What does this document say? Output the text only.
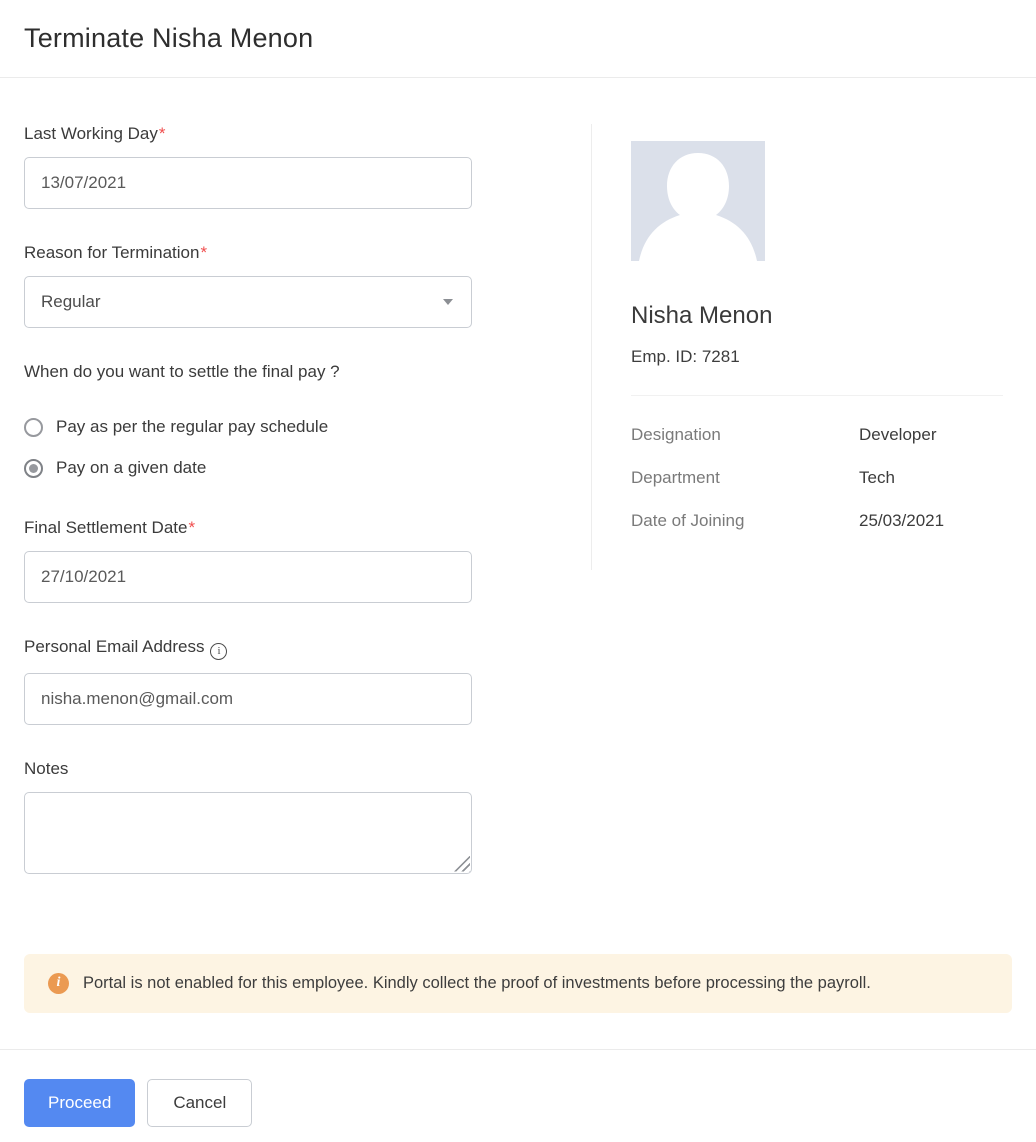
Terminate Nisha Menon
Last Working Day*
13/07/2021
Reason for Termination*
Regular

When do you want to settle the final pay ?

Pay as per the regular pay schedule
Pay on a given date
Final Settlement Date*
27/10/2021
Personal Email Address i
nisha.menon@gmail.com
Notes
Nisha Menon
Emp. ID: 7281
Designation	Developer
Department	Tech
Date of Joining	25/03/2021
i	Portal is not enabled for this employee. Kindly collect the proof of investments before processing the payroll.
Proceed	Cancel
